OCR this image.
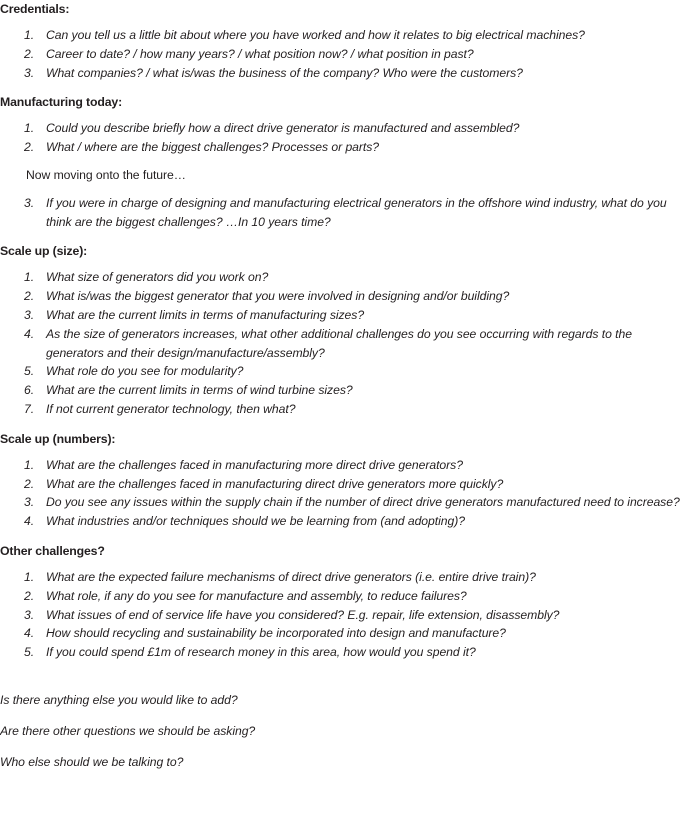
Credentials:
1. Can you tell us a little bit about where you have worked and how it relates to big electrical machines?
2. Career to date? / how many years? / what position now? / what position in past?
3. What companies? / what is/was the business of the company? Who were the customers?
Manufacturing today:
1. Could you describe briefly how a direct drive generator is manufactured and assembled?
2. What / where are the biggest challenges? Processes or parts?
Now moving onto the future…
3. If you were in charge of designing and manufacturing electrical generators in the offshore wind industry, what do you think are the biggest challenges? …In 10 years time?
Scale up (size):
1. What size of generators did you work on?
2. What is/was the biggest generator that you were involved in designing and/or building?
3. What are the current limits in terms of manufacturing sizes?
4. As the size of generators increases, what other additional challenges do you see occurring with regards to the generators and their design/manufacture/assembly?
5. What role do you see for modularity?
6. What are the current limits in terms of wind turbine sizes?
7. If not current generator technology, then what?
Scale up (numbers):
1. What are the challenges faced in manufacturing more direct drive generators?
2. What are the challenges faced in manufacturing direct drive generators more quickly?
3. Do you see any issues within the supply chain if the number of direct drive generators manufactured need to increase?
4. What industries and/or techniques should we be learning from (and adopting)?
Other challenges?
1. What are the expected failure mechanisms of direct drive generators (i.e. entire drive train)?
2. What role, if any do you see for manufacture and assembly, to reduce failures?
3. What issues of end of service life have you considered? E.g. repair, life extension, disassembly?
4. How should recycling and sustainability be incorporated into design and manufacture?
5. If you could spend £1m of research money in this area, how would you spend it?
Is there anything else you would like to add?
Are there other questions we should be asking?
Who else should we be talking to?
